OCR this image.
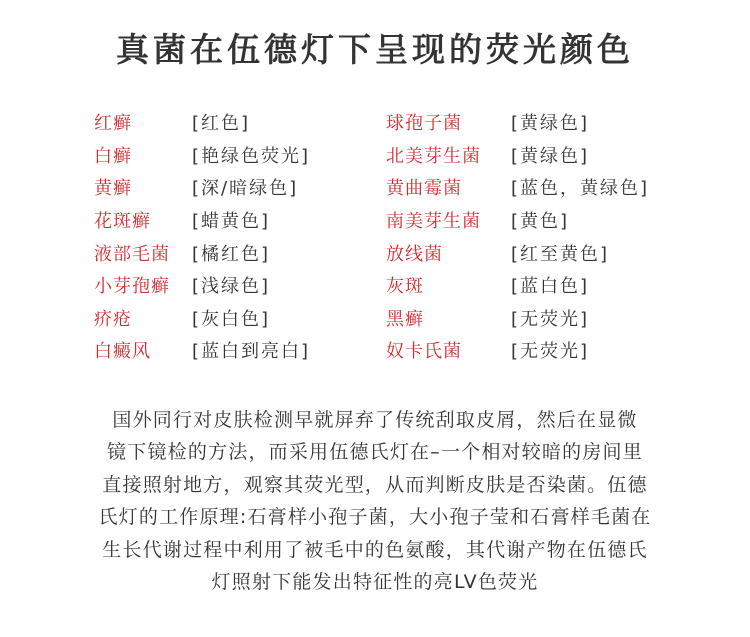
真菌在伍德灯下呈现的荧光颜色
红癣	[红色]
白癣	[艳绿色荧光]
黄癣	[深/暗绿色]
花斑癣	[蜡黄色]
液部毛菌	[橘红色]
小芽孢癣	[浅绿色]
疥疮	[灰白色]
白癜风	[蓝白到亮白]
球孢子菌	[黄绿色]
北美芽生菌	[黄绿色]
黄曲霉菌	[蓝色，黄绿色]
南美芽生菌	[黄色]
放线菌	[红至黄色]
灰斑	[蓝白色]
黑癣	[无荧光]
奴卡氏菌	[无荧光]
国外同行对皮肤检测早就屏弃了传统刮取皮屑，然后在显微
镜下镜检的方法，而采用伍德氏灯在–一个相对较暗的房间里
直接照射地方，观察其荧光型，从而判断皮肤是否染菌。伍德
氏灯的工作原理:石膏样小孢子菌，大小孢子莹和石膏样毛菌在
生长代谢过程中利用了被毛中的色氨酸，其代谢产物在伍德氏
灯照射下能发出特征性的亮LV色荧光
